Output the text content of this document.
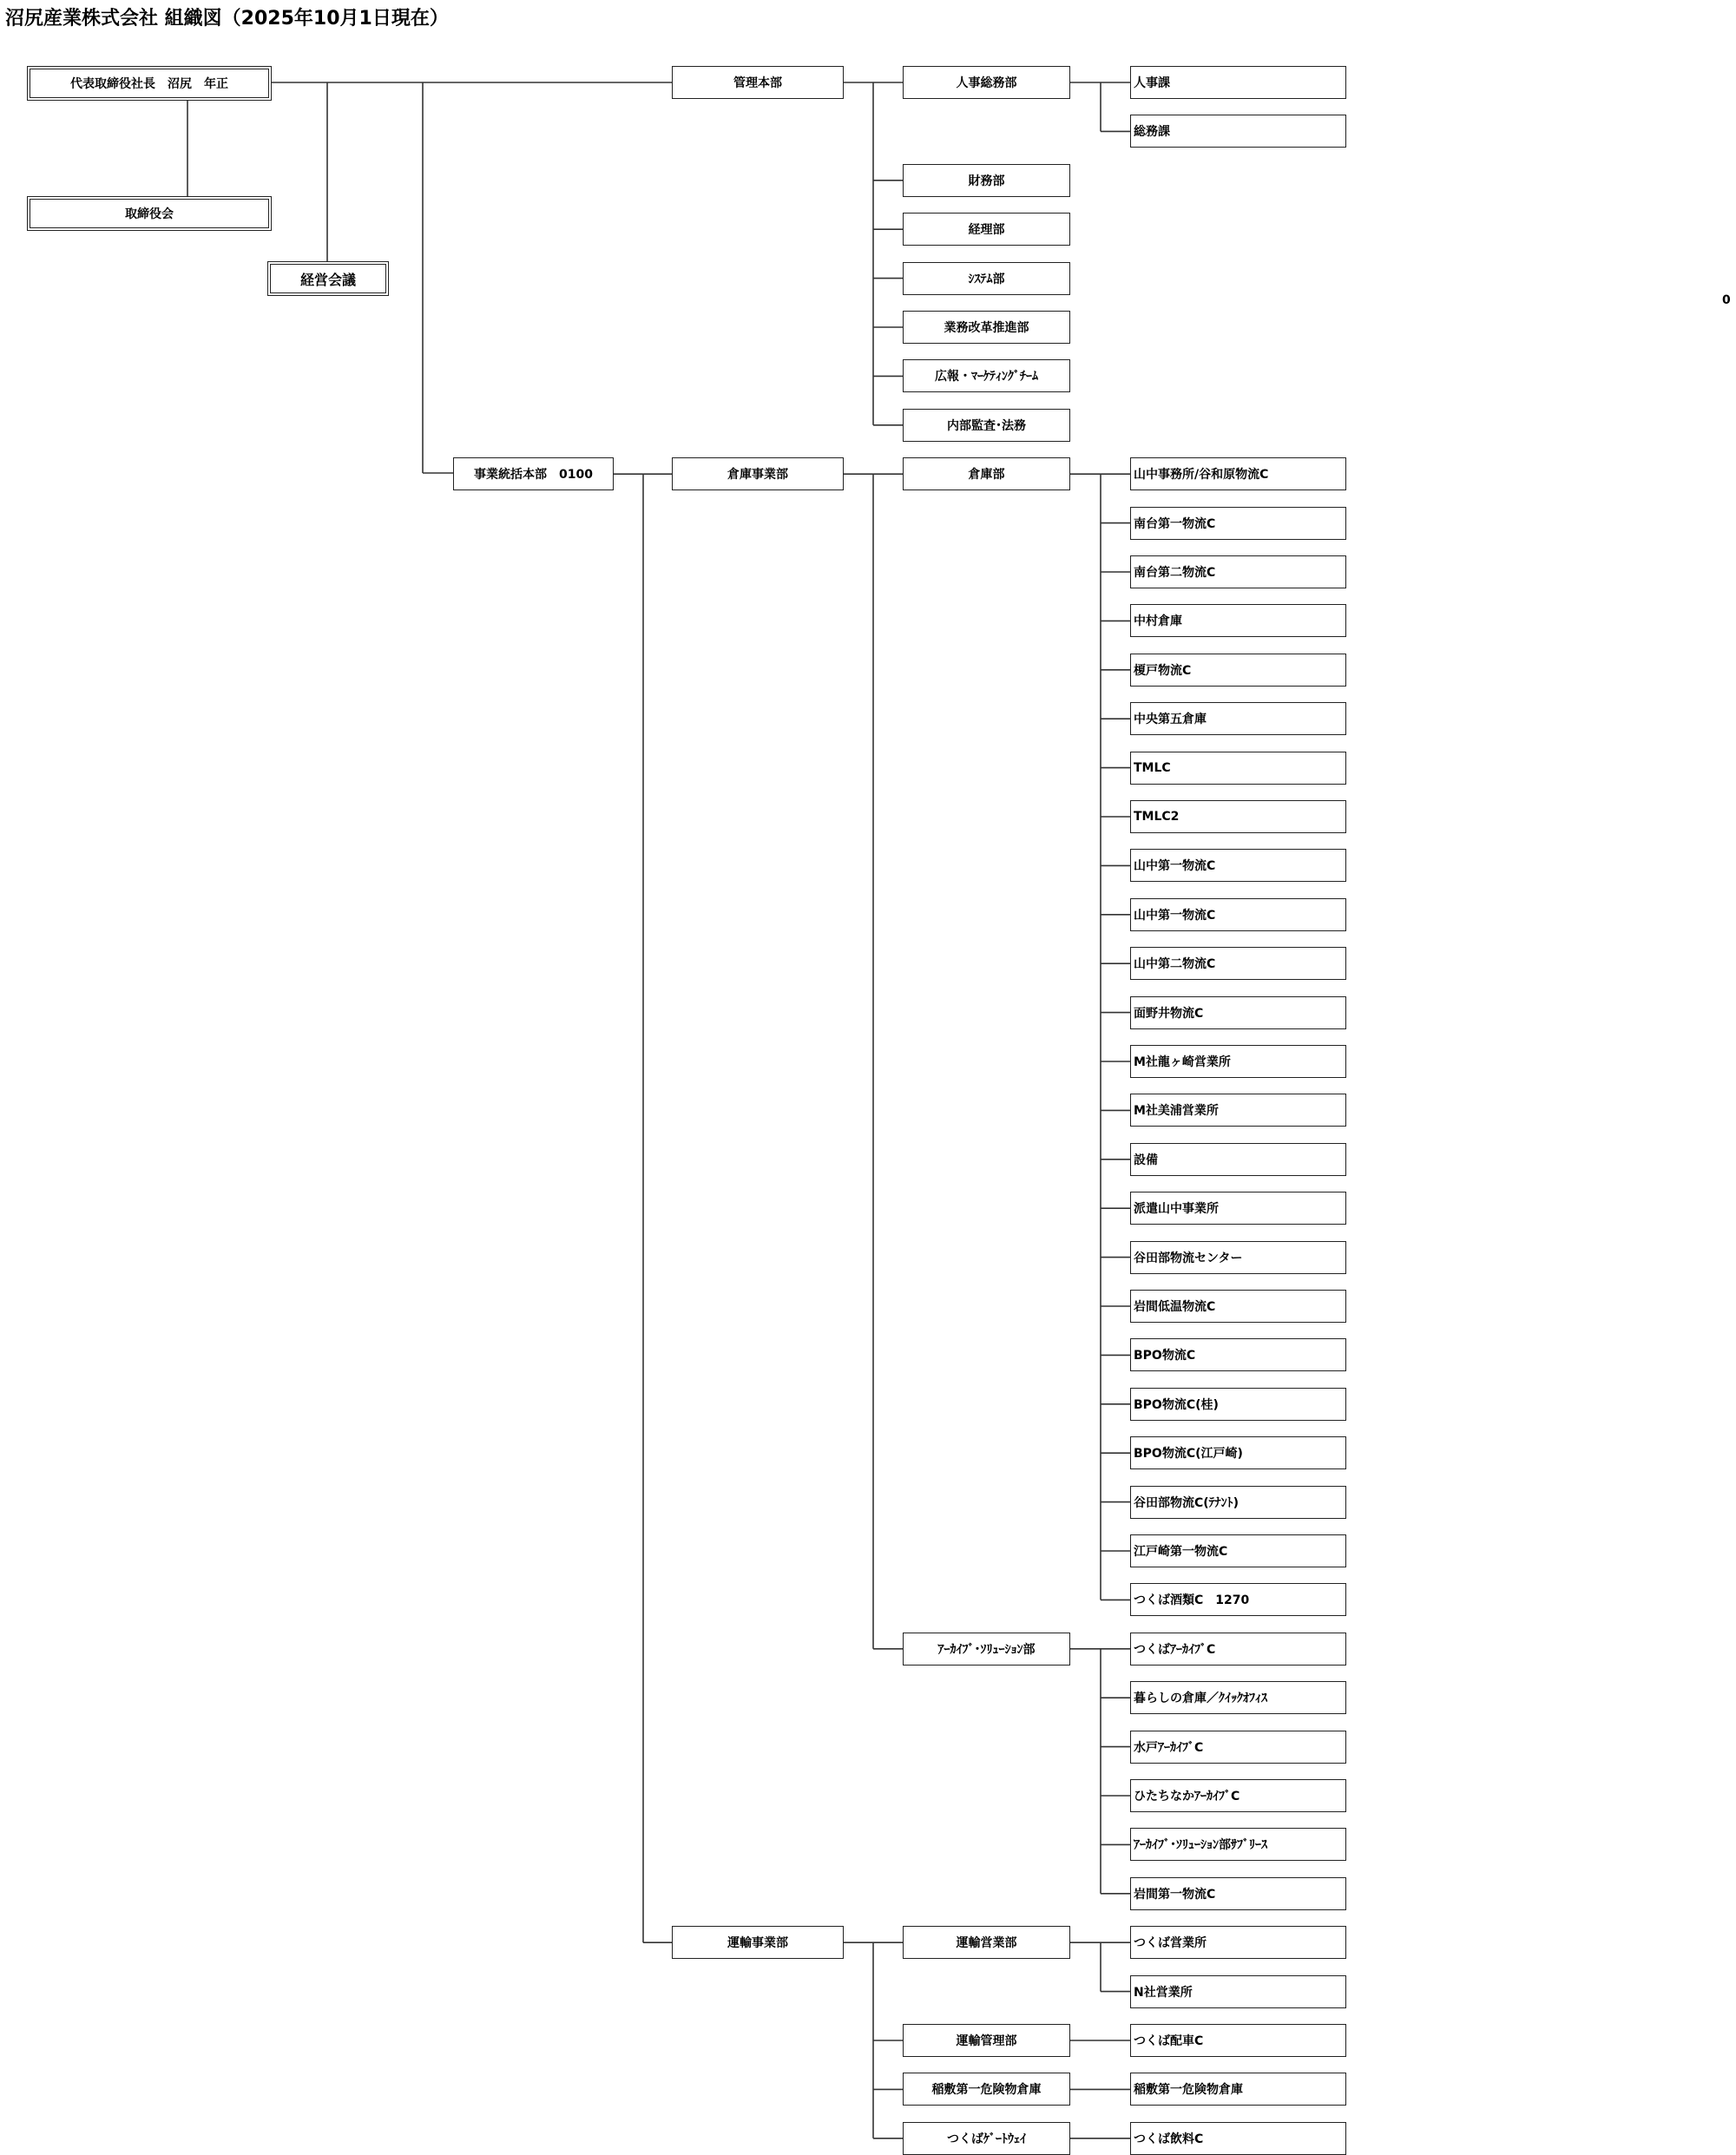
沼尻産業株式会社 組織図（2025年10月1日現在）
0
代表取締役社長　沼尻　年正
取締役会
経営会議
管理本部
事業統括本部　0100
人事総務部	人事課
総務課
財務部
経理部
ｼｽﾃﾑ部
業務改革推進部
広報・ﾏｰｹﾃｨﾝｸﾞﾁｰﾑ
内部監査･法務
倉庫事業部	倉庫部	山中事務所/谷和原物流C
南台第一物流C
南台第二物流C
中村倉庫
榎戸物流C
中央第五倉庫
TMLC
TMLC2
山中第一物流C
山中第一物流C
山中第二物流C
面野井物流C
M社龍ヶ崎営業所
M社美浦営業所
設備
派遣山中事業所
谷田部物流センター
岩間低温物流C
BPO物流C
BPO物流C(桂)
BPO物流C(江戸崎)
谷田部物流C(ﾃﾅﾝﾄ)
江戸崎第一物流C
つくば酒類C　1270
ｱｰｶｲﾌﾞ･ｿﾘｭｰｼｮﾝ部	つくばｱｰｶｲﾌﾞC
暮らしの倉庫／ｸｲｯｸｵﾌｨｽ
水戸ｱｰｶｲﾌﾞC
ひたちなかｱｰｶｲﾌﾞC
ｱｰｶｲﾌﾞ･ｿﾘｭｰｼｮﾝ部ｻﾌﾞﾘｰｽ
岩間第一物流C
運輸事業部	運輸営業部	つくば営業所
N社営業所
運輸管理部	つくば配車C
稲敷第一危険物倉庫	稲敷第一危険物倉庫
つくばｹﾞｰﾄｳｪｲ	つくば飲料C
